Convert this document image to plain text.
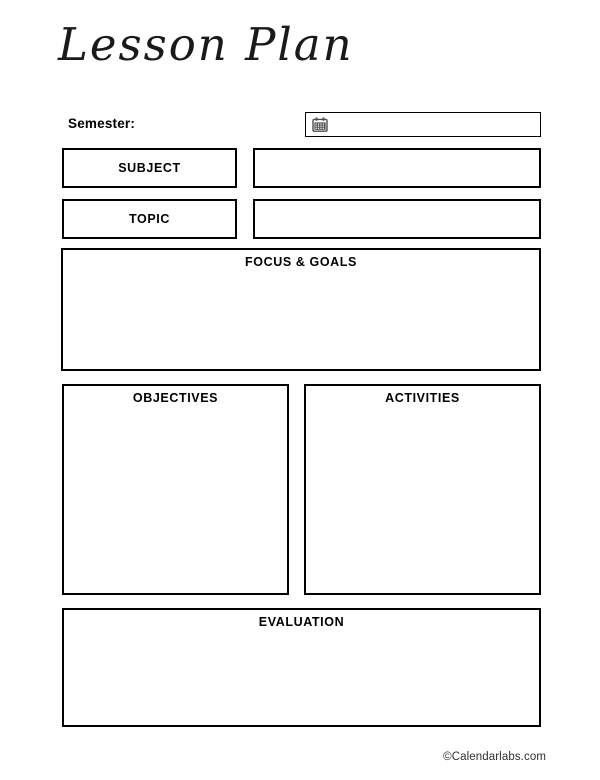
Lesson Plan
Semester:
SUBJECT
TOPIC
FOCUS & GOALS
OBJECTIVES	ACTIVITIES
EVALUATION
©Calendarlabs.com
